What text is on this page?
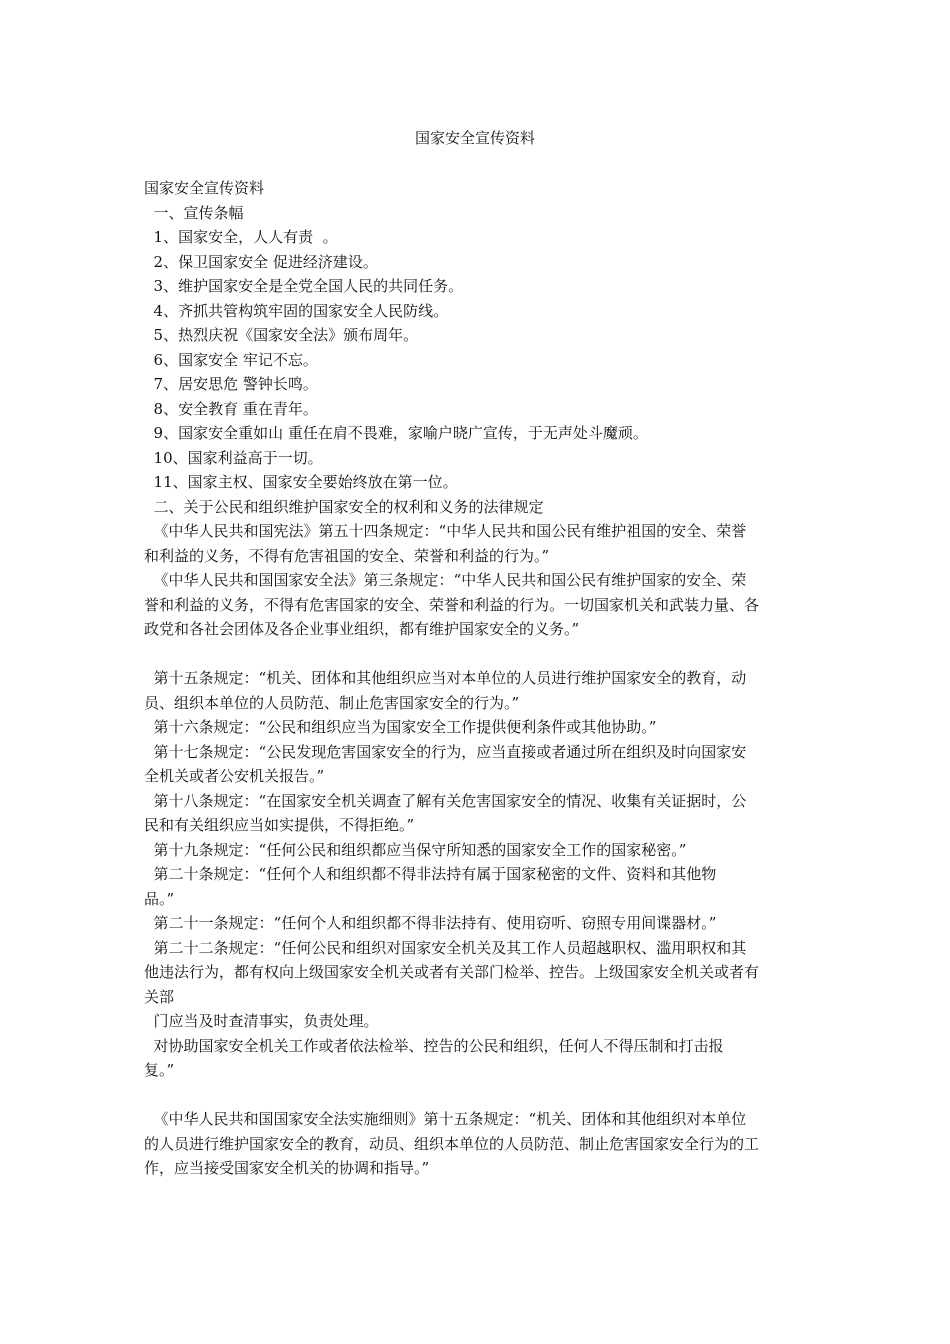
国家安全宣传资料
国家安全宣传资料
一、宣传条幅
1、国家安全，人人有责  。
2、保卫国家安全 促进经济建设。
3、维护国家安全是全党全国人民的共同任务。
4、齐抓共管构筑牢固的国家安全人民防线。
5、热烈庆祝《国家安全法》颁布周年。
6、国家安全 牢记不忘。
7、居安思危 警钟长鸣。
8、安全教育 重在青年。
9、国家安全重如山 重任在肩不畏难，家喻户晓广宣传，于无声处斗魔顽。
10、国家利益高于一切。
11、国家主权、国家安全要始终放在第一位。
二、关于公民和组织维护国家安全的权利和义务的法律规定
《中华人民共和国宪法》第五十四条规定：“中华人民共和国公民有维护祖国的安全、荣誉
和利益的义务，不得有危害祖国的安全、荣誉和利益的行为。”
《中华人民共和国国家安全法》第三条规定：“中华人民共和国公民有维护国家的安全、荣
誉和利益的义务，不得有危害国家的安全、荣誉和利益的行为。一切国家机关和武装力量、各
政党和各社会团体及各企业事业组织，都有维护国家安全的义务。”
第十五条规定：“机关、团体和其他组织应当对本单位的人员进行维护国家安全的教育，动
员、组织本单位的人员防范、制止危害国家安全的行为。”
第十六条规定：“公民和组织应当为国家安全工作提供便利条件或其他协助。”
第十七条规定：“公民发现危害国家安全的行为，应当直接或者通过所在组织及时向国家安
全机关或者公安机关报告。”
第十八条规定：“在国家安全机关调查了解有关危害国家安全的情况、收集有关证据时，公
民和有关组织应当如实提供，不得拒绝。”
第十九条规定：“任何公民和组织都应当保守所知悉的国家安全工作的国家秘密。”
第二十条规定：“任何个人和组织都不得非法持有属于国家秘密的文件、资料和其他物
品。”
第二十一条规定：“任何个人和组织都不得非法持有、使用窃听、窃照专用间谍器材。”
第二十二条规定：“任何公民和组织对国家安全机关及其工作人员超越职权、滥用职权和其
他违法行为，都有权向上级国家安全机关或者有关部门检举、控告。上级国家安全机关或者有
关部
门应当及时查清事实，负责处理。
对协助国家安全机关工作或者依法检举、控告的公民和组织，任何人不得压制和打击报
复。”
《中华人民共和国国家安全法实施细则》第十五条规定：“机关、团体和其他组织对本单位
的人员进行维护国家安全的教育，动员、组织本单位的人员防范、制止危害国家安全行为的工
作，应当接受国家安全机关的协调和指导。”
